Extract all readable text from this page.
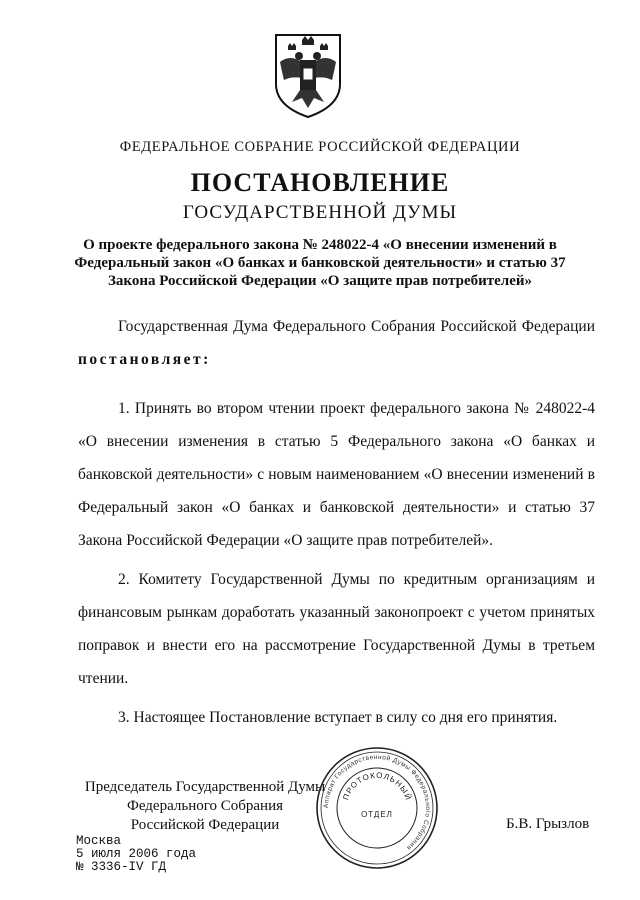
ФЕДЕРАЛЬНОЕ СОБРАНИЕ РОССИЙСКОЙ ФЕДЕРАЦИИ
ПОСТАНОВЛЕНИЕ
ГОСУДАРСТВЕННОЙ ДУМЫ
О проекте федерального закона № 248022-4 «О внесении изменений в Федеральный закон «О банках и банковской деятельности» и статью 37 Закона Российской Федерации «О защите прав потребителей»
Государственная Дума Федерального Собрания Российской Федерации постановляет:
1. Принять во втором чтении проект федерального закона № 248022-4 «О внесении изменения в статью 5 Федерального закона «О банках и банковской деятельности» с новым наименованием «О внесении изменений в Федеральный закон «О банках и банковской деятельности» и статью 37 Закона Российской Федерации «О защите прав потребителей».
2. Комитету Государственной Думы по кредитным организациям и финансовым рынкам доработать указанный законопроект с учетом принятых поправок и внести его на рассмотрение Государственной Думы в третьем чтении.
3. Настоящее Постановление вступает в силу со дня его принятия.
Председатель Государственной Думы
Федерального Собрания
Российской Федерации	Б.В. Грызлов
Аппарат Государственной Думы Федерального Собрания
ПРОТОКОЛЬНЫЙ
ОТДЕЛ
Москва
5 июля 2006 года
№ 3336-IV ГД
